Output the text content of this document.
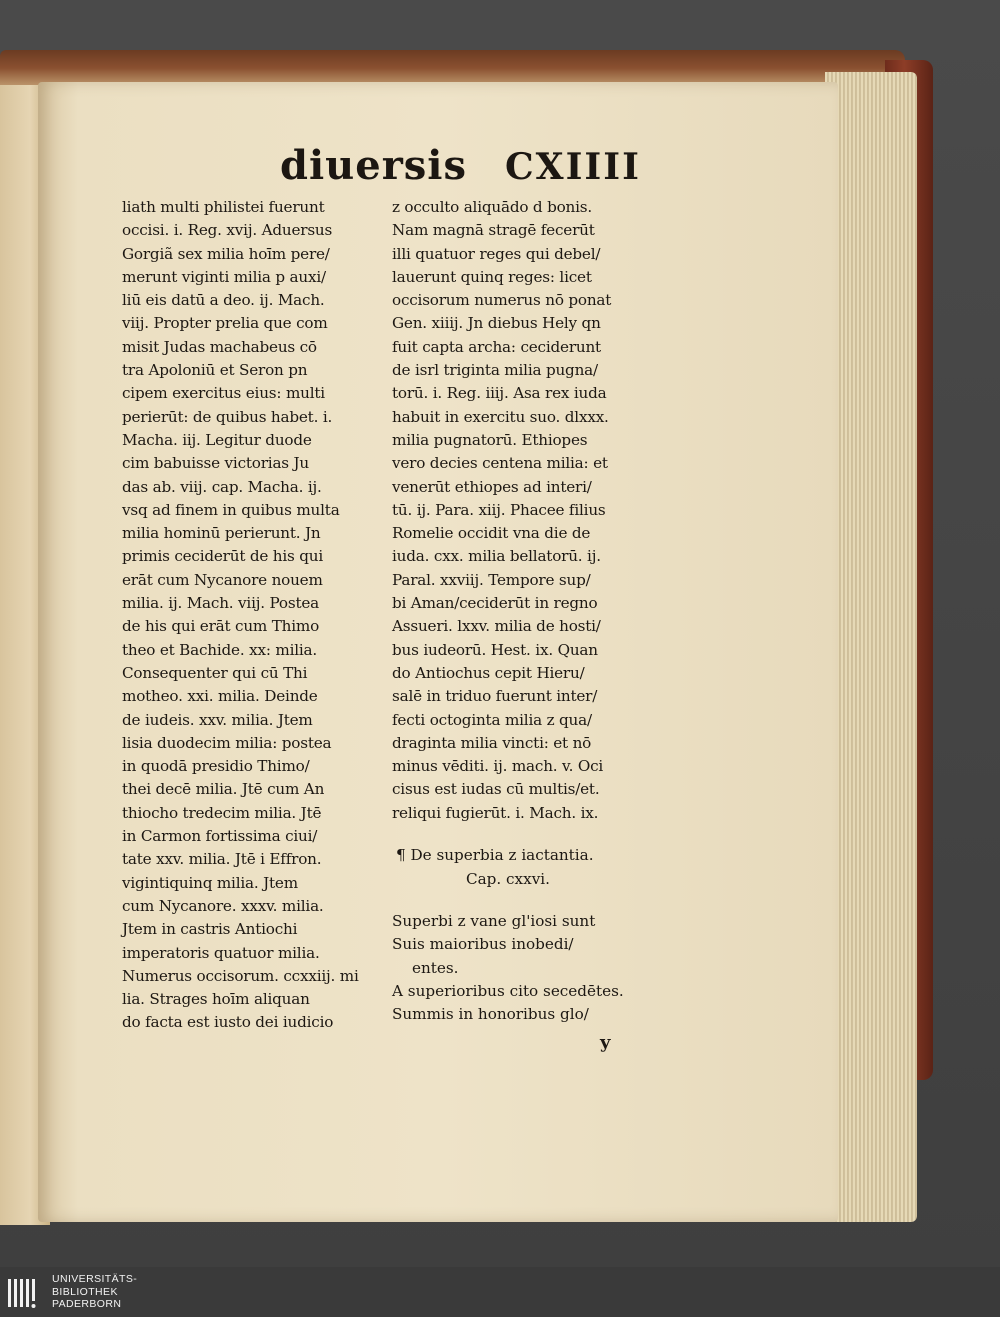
diuersis CXIIII
liath multi philistei fuerunt
occisi. i. Reg. xvij. Aduersus
Gorgiã sex milia hoīm pere/
merunt viginti milia p auxi/
liū eis datū a deo. ij. Mach.
viij. Propter prelia que com
misit Judas machabeus cō
tra Apoloniū et Seron pn
cipem exercitus eius: multi
perierūt: de quibus habet. i.
Macha. iij. Legitur duode
cim babuisse victorias Ju
das ab. viij. cap. Macha. ij.
vsq ad finem in quibus multa
milia hominū perierunt. Jn
primis ceciderūt de his qui
erāt cum Nycanore nouem
milia. ij. Mach. viij. Postea
de his qui erāt cum Thimo
theo et Bachide. xx: milia.
Consequenter qui cū Thi
motheo. xxi. milia. Deinde
de iudeis. xxv. milia. Jtem
lisia duodecim milia: postea
in quodā presidio Thimo/
thei decē milia. Jtē cum An
thiocho tredecim milia. Jtē
in Carmon fortissima ciui/
tate xxv. milia. Jtē i Effron.
vigintiquinq milia. Jtem
cum Nycanore. xxxv. milia.
Jtem in castris Antiochi
imperatoris quatuor milia.
Numerus occisorum. ccxxiij. mi
lia. Strages hoīm aliquan
do facta est iusto dei iudicio
z occulto aliquādo d bonis.
Nam magnā stragē fecerūt
illi quatuor reges qui debel/
lauerunt quinq reges: licet
occisorum numerus nō ponat
Gen. xiiij. Jn diebus Hely qn
fuit capta archa: ceciderunt
de isrl triginta milia pugna/
torū. i. Reg. iiij. Asa rex iuda
habuit in exercitu suo. dlxxx.
milia pugnatorū. Ethiopes
vero decies centena milia: et
venerūt ethiopes ad interi/
tū. ij. Para. xiij. Phacee filius
Romelie occidit vna die de
iuda. cxx. milia bellatorū. ij.
Paral. xxviij. Tempore sup/
bi Aman/ceciderūt in regno
Assueri. lxxv. milia de hosti/
bus iudeorū. Hest. ix. Quan
do Antiochus cepit Hieru/
salē in triduo fuerunt inter/
fecti octoginta milia z qua/
draginta milia vincti: et nō
minus vēditi. ij. mach. v. Oci
cisus est iudas cū multis/et.
reliqui fugierūt. i. Mach. ix.
¶ De superbia z iactantia.
Cap. cxxvi.
Superbi z vane gl'iosi sunt
Suis maioribus inobedi/
entes.
A superioribus cito secedētes.
Summis in honoribus glo/
y
UNIVERSITÄTS-
BIBLIOTHEK
PADERBORN
